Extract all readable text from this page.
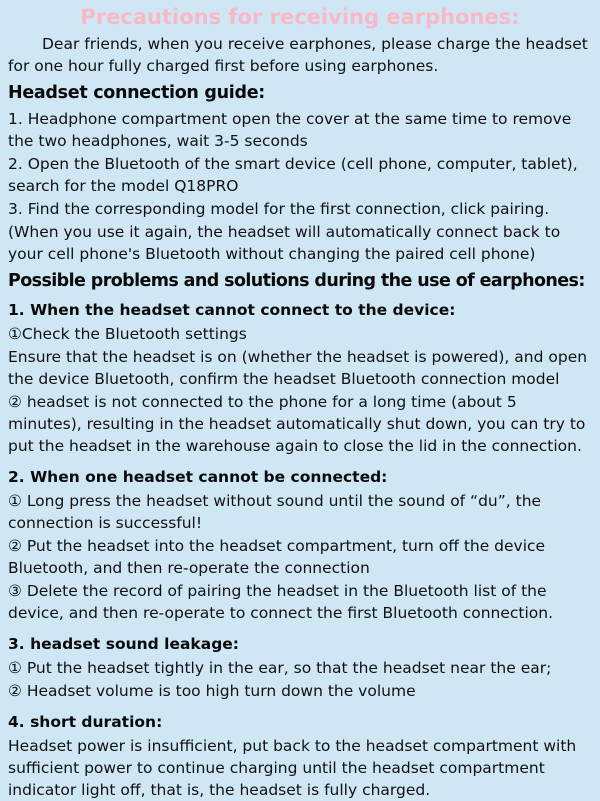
Precautions for receiving earphones:

Dear friends, when you receive earphones, please charge the headset for one hour fully charged first before using earphones.

Headset connection guide:

1. Headphone compartment open the cover at the same time to remove the two headphones, wait 3-5 seconds

2. Open the Bluetooth of the smart device (cell phone, computer, tablet), search for the model Q18PRO

3. Find the corresponding model for the first connection, click pairing.

(When you use it again, the headset will automatically connect back to your cell phone's Bluetooth without changing the paired cell phone)

Possible problems and solutions during the use of earphones:
1. When the headset cannot connect to the device:

①Check the Bluetooth settings

Ensure that the headset is on (whether the headset is powered), and open the device Bluetooth, confirm the headset Bluetooth connection model

② headset is not connected to the phone for a long time (about 5 minutes), resulting in the headset automatically shut down, you can try to put the headset in the warehouse again to close the lid in the connection.

2. When one headset cannot be connected:

① Long press the headset without sound until the sound of “du”, the connection is successful!

② Put the headset into the headset compartment, turn off the device Bluetooth, and then re-operate the connection

③ Delete the record of pairing the headset in the Bluetooth list of the device, and then re-operate to connect the first Bluetooth connection.

3. headset sound leakage:

① Put the headset tightly in the ear, so that the headset near the ear;

② Headset volume is too high turn down the volume

4. short duration:

Headset power is insufficient, put back to the headset compartment with sufficient power to continue charging until the headset compartment indicator light off, that is, the headset is fully charged.
